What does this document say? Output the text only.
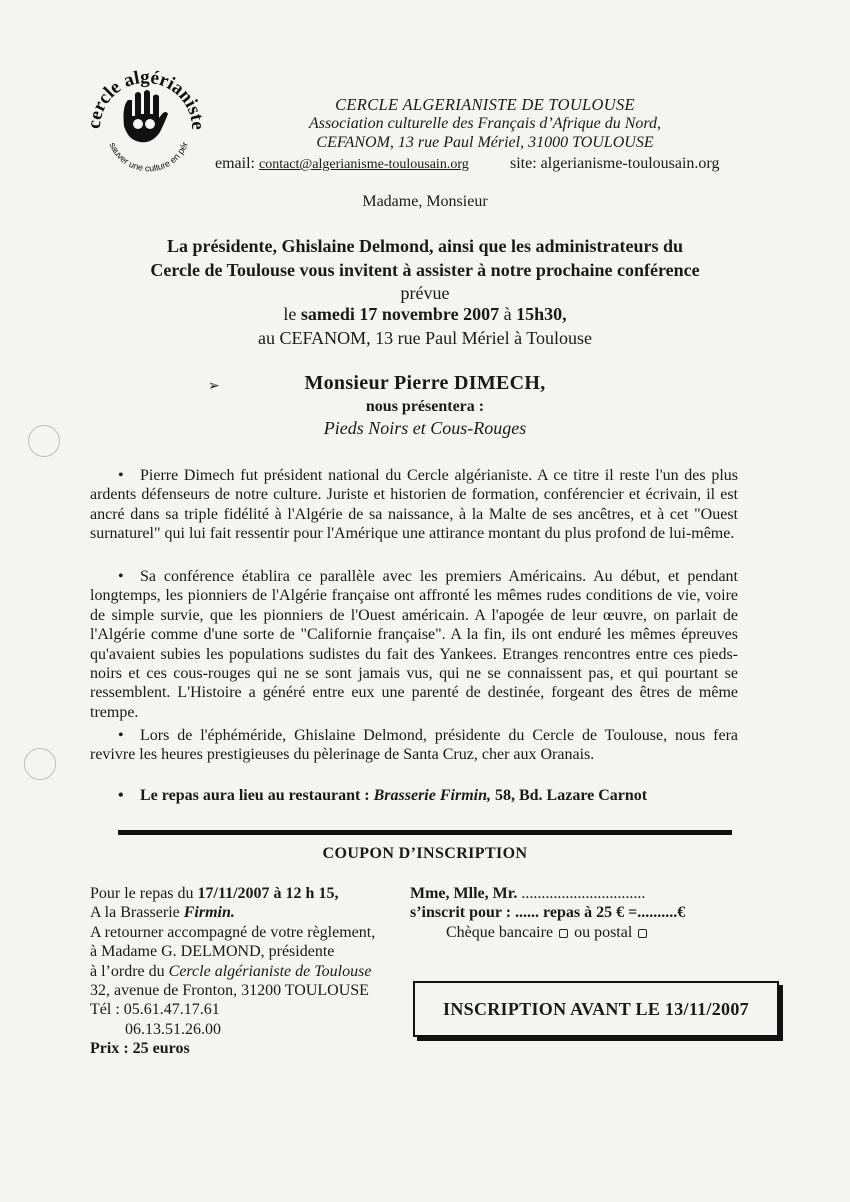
cercle algérianiste
sauver une culture en pér
CERCLE ALGERIANISTE DE TOULOUSE
Association culturelle des Français d’Afrique du Nord,
CEFANOM, 13 rue Paul Mériel, 31000 TOULOUSE
email: contact@algerianisme-toulousain.org	site: algerianisme-toulousain.org
Madame, Monsieur
La présidente, Ghislaine Delmond, ainsi que les administrateurs du
Cercle de Toulouse vous invitent à assister à notre prochaine conférence
prévue
le samedi 17 novembre 2007 à 15h30,
au CEFANOM, 13 rue Paul Mériel à Toulouse
➢	Monsieur Pierre DIMECH,
nous présentera :
Pieds Noirs et Cous-Rouges
• Pierre Dimech fut président national du Cercle algérianiste. A ce titre il reste l'un des plus ardents défenseurs de notre culture. Juriste et historien de formation, conférencier et écrivain, il est ancré dans sa triple fidélité à l'Algérie de sa naissance, à la Malte de ses ancêtres, et à cet "Ouest surnaturel" qui lui fait ressentir pour l'Amérique une attirance montant du plus profond de lui-même.
• Sa conférence établira ce parallèle avec les premiers Américains. Au début, et pendant longtemps, les pionniers de l'Algérie française ont affronté les mêmes rudes conditions de vie, voire de simple survie, que les pionniers de l'Ouest américain. A l'apogée de leur œuvre, on parlait de l'Algérie comme d'une sorte de "Californie française". A la fin, ils ont enduré les mêmes épreuves qu'avaient subies les populations sudistes du fait des Yankees. Etranges rencontres entre ces pieds-noirs et ces cous-rouges qui ne se sont jamais vus, qui ne se connaissent pas, et qui pourtant se ressemblent. L'Histoire a généré entre eux une parenté de destinée, forgeant des êtres de même trempe.
• Lors de l'éphéméride, Ghislaine Delmond, présidente du Cercle de Toulouse, nous fera revivre les heures prestigieuses du pèlerinage de Santa Cruz, cher aux Oranais.
• Le repas aura lieu au restaurant : Brasserie Firmin, 58, Bd. Lazare Carnot
COUPON D’INSCRIPTION
Pour le repas du 17/11/2007 à 12 h 15,
A la Brasserie Firmin.
A retourner accompagné de votre règlement,
à Madame G. DELMOND, présidente
à l’ordre du Cercle algérianiste de Toulouse
32, avenue de Fronton, 31200 TOULOUSE
Tél : 05.61.47.17.61
06.13.51.26.00
Prix : 25 euros
Mme, Mlle, Mr. ...............................
s’inscrit pour : ...... repas à 25 € =..........€
Chèque bancaire ou postal
INSCRIPTION AVANT LE 13/11/2007
